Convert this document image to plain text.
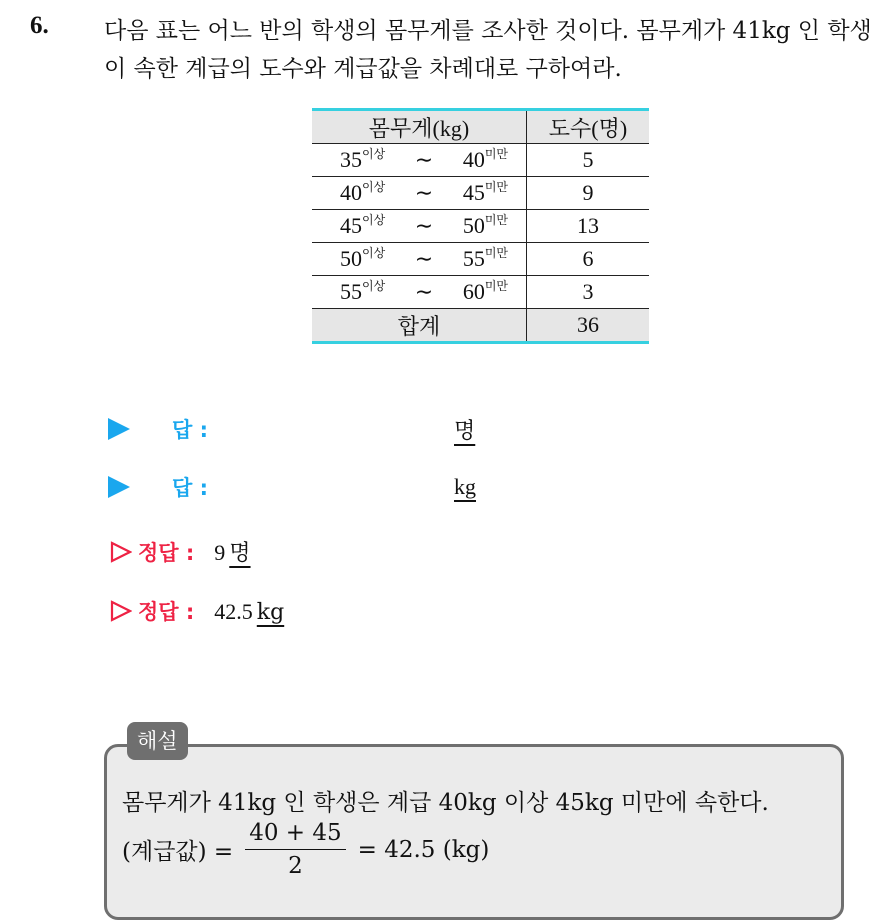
6. 다음 표는 어느 반의 학생의 몸무게를 조사한 것이다. 몸무게가 41kg 인 학생이 속한 계급의 도수와 계급값을 차례대로 구하여라.
몸무게(kg)	도수(명)

$35^{이상}$ ∼ $40^{미만}$	5

$40^{이상}$ ∼ $45^{미만}$	9

$45^{이상}$ ∼ $50^{미만}$	13

$50^{이상}$ ∼ $55^{미만}$	6

$55^{이상}$ ∼ $60^{미만}$	3
합계	36
답 :	명
답 :	kg
정답 : 9 명
정답 : 42.5 kg
해설
몸무게가 41kg 인 학생은 계급 40kg 이상 45kg 미만에 속한다.
(계급값) = $\frac{40 + 45}{2} = 42.5$ (kg)
